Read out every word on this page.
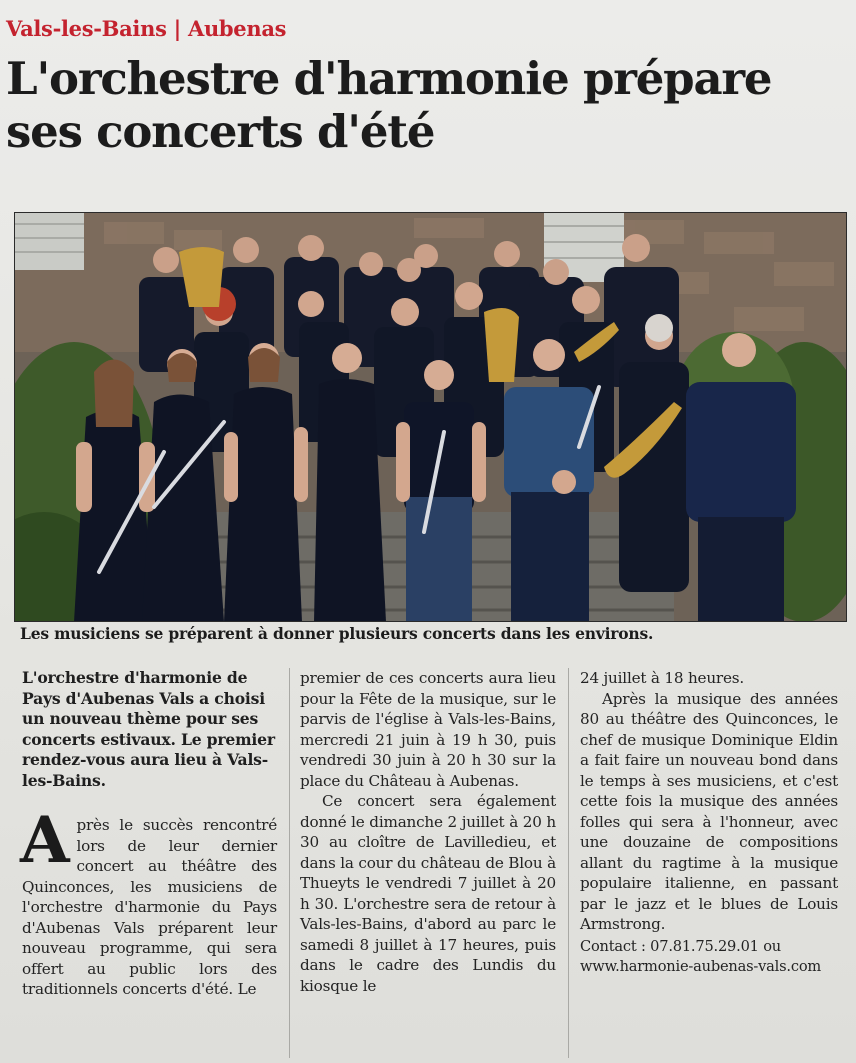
Vals-les-Bains | Aubenas
L'orchestre d'harmonie prépare
ses concerts d'été
Les musiciens se préparent à donner plusieurs concerts dans les environs.

L'orchestre d'harmonie de Pays d'Aubenas Vals a choisi un nouveau thème pour ses concerts estivaux. Le premier rendez-vous aura lieu à Vals-les-Bains.

Après le succès rencontré lors de leur dernier concert au théâtre des Quinconces, les musiciens de l'orchestre d'harmonie du Pays d'Aubenas Vals préparent leur nouveau programme, qui sera offert au public lors des traditionnels concerts d'été. Le

premier de ces concerts aura lieu pour la Fête de la musique, sur le parvis de l'église à Vals-les-Bains, mercredi 21 juin à 19 h 30, puis vendredi 30 juin à 20 h 30 sur la place du Château à Aubenas.

Ce concert sera également donné le dimanche 2 juillet à 20 h 30 au cloître de Lavilledieu, et dans la cour du château de Blou à Thueyts le vendredi 7 juillet à 20 h 30. L'orchestre sera de retour à Vals-les-Bains, d'abord au parc le samedi 8 juillet à 17 heures, puis dans le cadre des Lundis du kiosque le

24 juillet à 18 heures.

Après la musique des années 80 au théâtre des Quinconces, le chef de musique Dominique Eldin a fait faire un nouveau bond dans le temps à ses musiciens, et c'est cette fois la musique des années folles qui sera à l'honneur, avec une douzaine de compositions allant du ragtime à la musique populaire italienne, en passant par le jazz et le blues de Louis Armstrong.

Contact : 07.81.75.29.01 ou
www.harmonie-aubenas-vals.com
